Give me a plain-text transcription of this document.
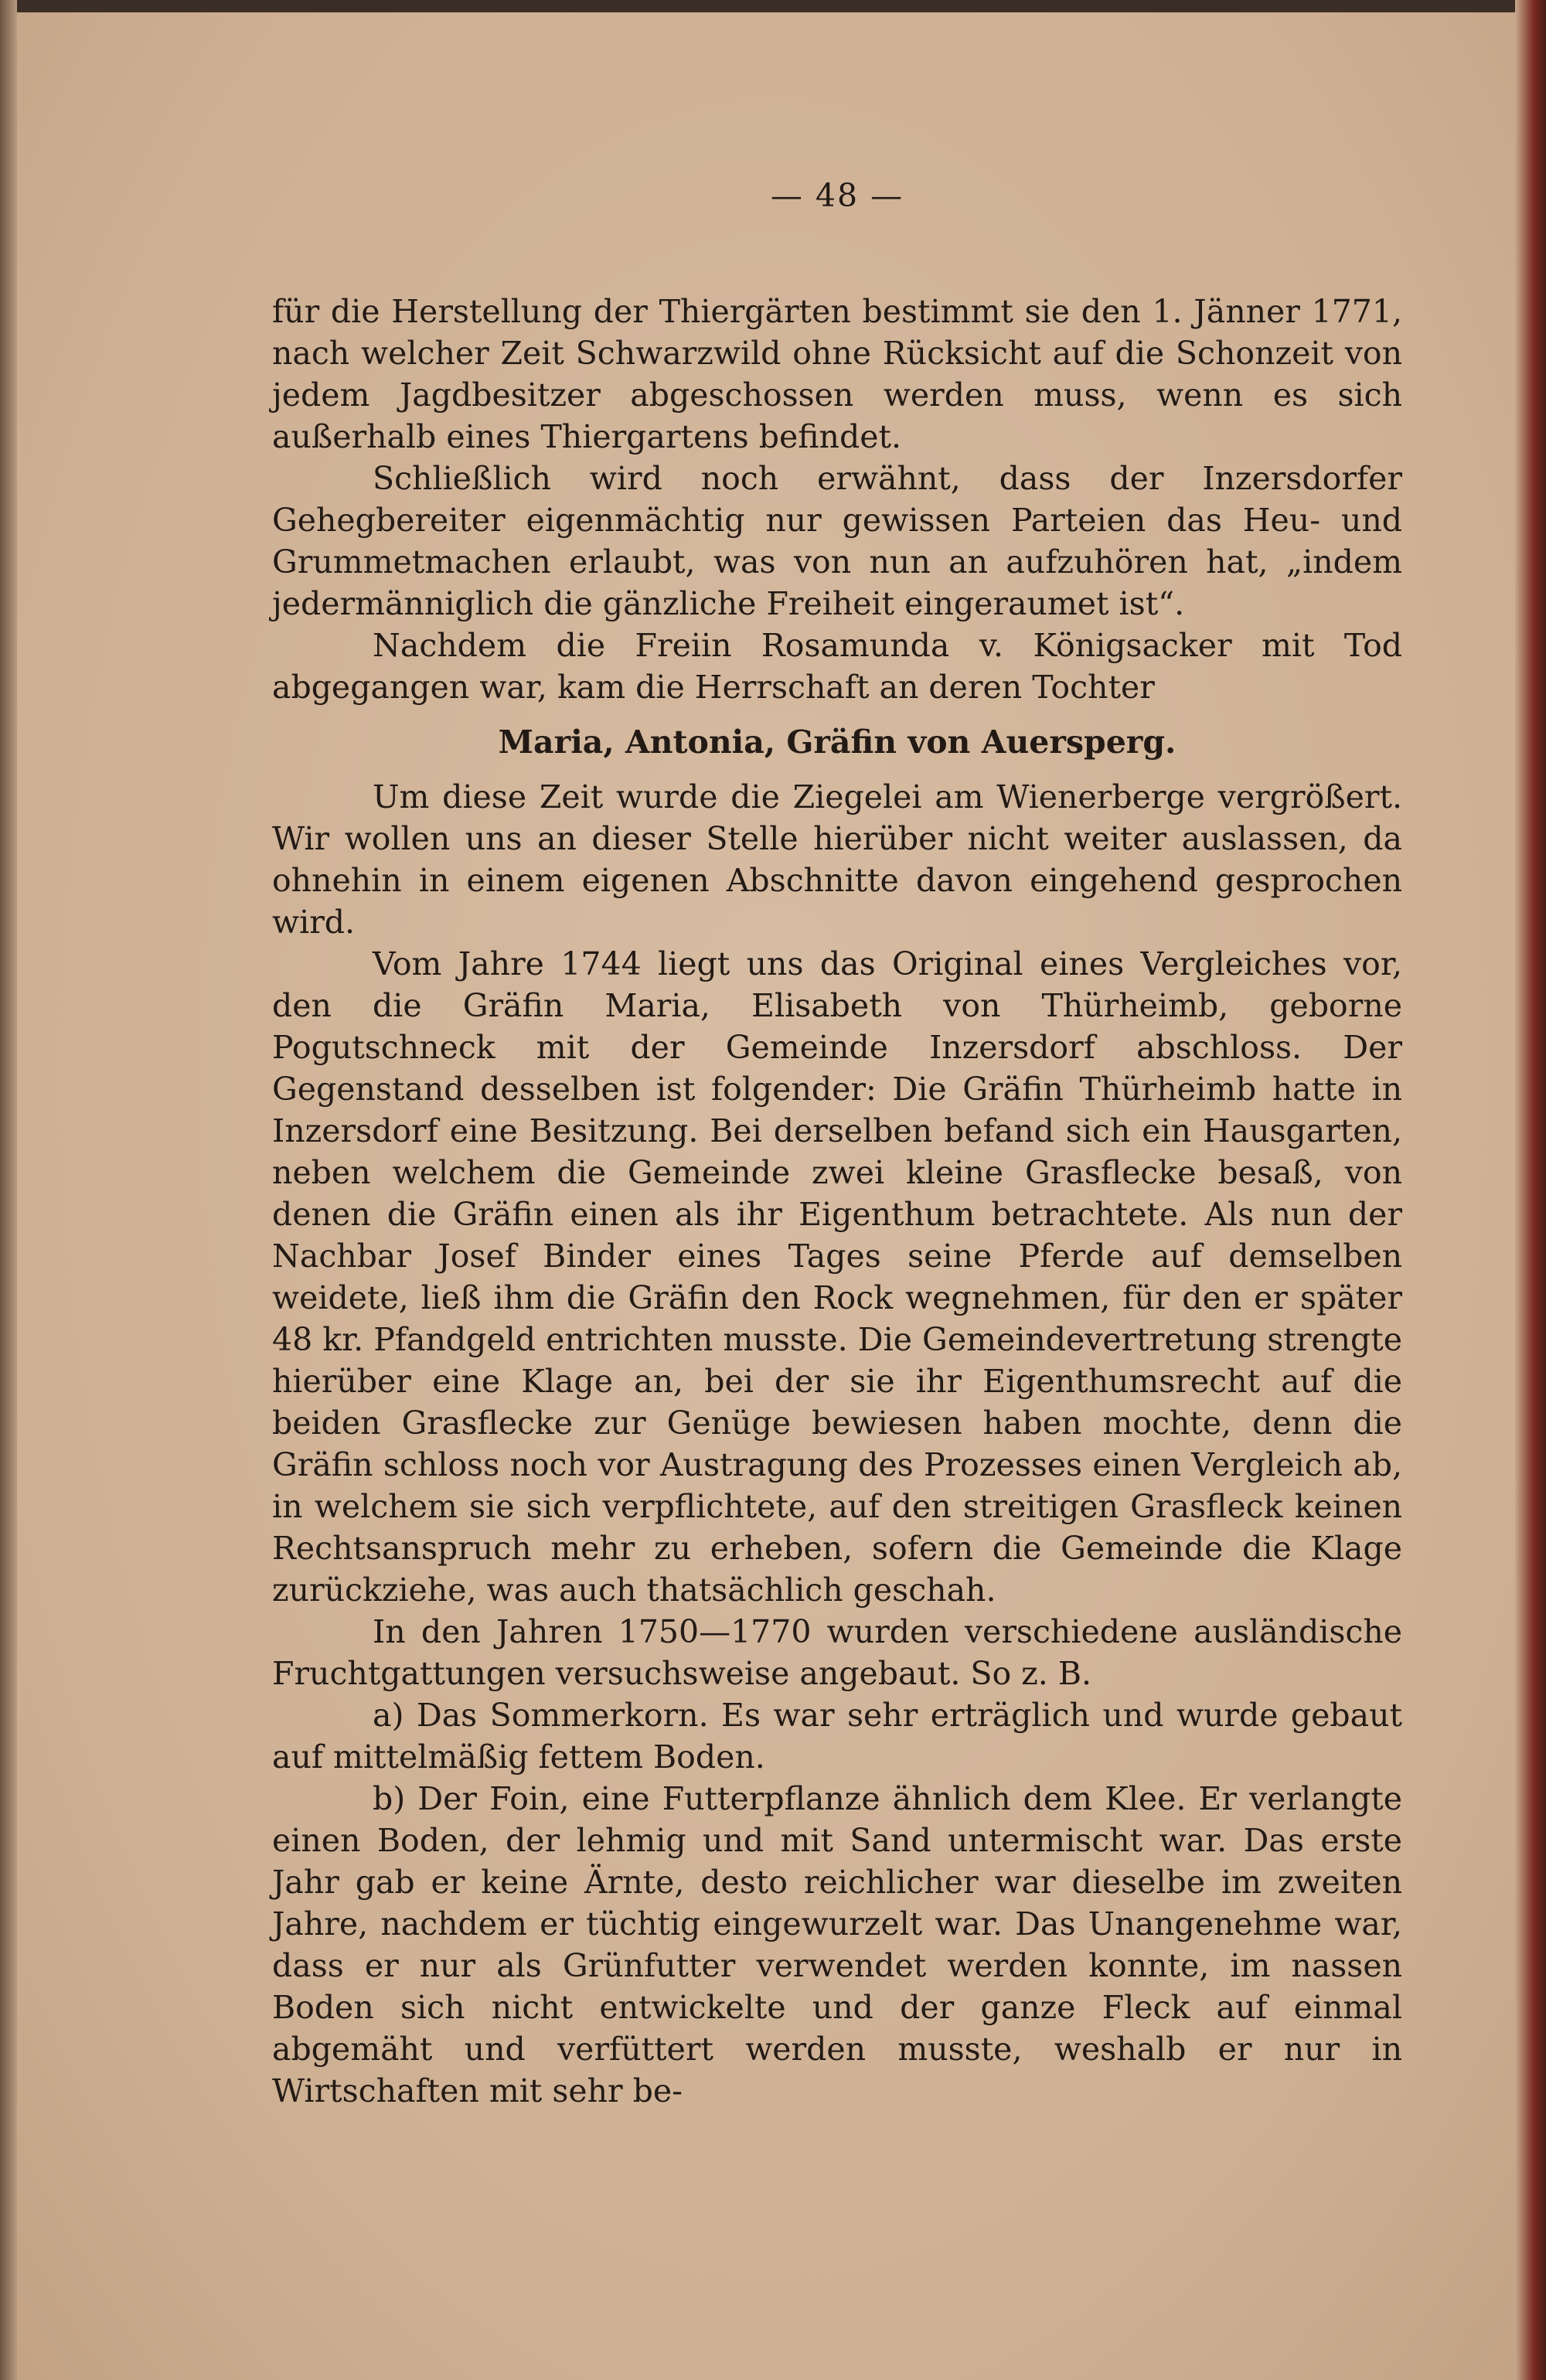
— 48 —

für die Herstellung der Thiergärten bestimmt sie den 1. Jänner 1771, nach welcher Zeit Schwarzwild ohne Rücksicht auf die Schonzeit von jedem Jagdbesitzer abgeschossen werden muss, wenn es sich außerhalb eines Thiergartens befindet.

Schließlich wird noch erwähnt, dass der Inzersdorfer Gehegbereiter eigenmächtig nur gewissen Parteien das Heu- und Grummetmachen erlaubt, was von nun an aufzuhören hat, „indem jedermänniglich die gänzliche Freiheit eingeraumet ist“.

Nachdem die Freiin Rosamunda v. Königsacker mit Tod abgegangen war, kam die Herrschaft an deren Tochter

Maria, Antonia, Gräfin von Auersperg.

Um diese Zeit wurde die Ziegelei am Wienerberge vergrößert. Wir wollen uns an dieser Stelle hierüber nicht weiter auslassen, da ohnehin in einem eigenen Abschnitte davon eingehend gesprochen wird.

Vom Jahre 1744 liegt uns das Original eines Vergleiches vor, den die Gräfin Maria, Elisabeth von Thürheimb, geborne Pogutschneck mit der Gemeinde Inzersdorf abschloss. Der Gegenstand desselben ist folgender: Die Gräfin Thürheimb hatte in Inzersdorf eine Besitzung. Bei derselben befand sich ein Hausgarten, neben welchem die Gemeinde zwei kleine Grasflecke besaß, von denen die Gräfin einen als ihr Eigenthum betrachtete. Als nun der Nachbar Josef Binder eines Tages seine Pferde auf demselben weidete, ließ ihm die Gräfin den Rock wegnehmen, für den er später 48 kr. Pfandgeld entrichten musste. Die Gemeindevertretung strengte hierüber eine Klage an, bei der sie ihr Eigenthumsrecht auf die beiden Grasflecke zur Genüge bewiesen haben mochte, denn die Gräfin schloss noch vor Austragung des Prozesses einen Vergleich ab, in welchem sie sich verpflichtete, auf den streitigen Grasfleck keinen Rechtsanspruch mehr zu erheben, sofern die Gemeinde die Klage zurückziehe, was auch thatsächlich geschah.

In den Jahren 1750—1770 wurden verschiedene ausländische Fruchtgattungen versuchsweise angebaut. So z. B.

a) Das Sommerkorn. Es war sehr erträglich und wurde gebaut auf mittelmäßig fettem Boden.

b) Der Foin, eine Futterpflanze ähnlich dem Klee. Er verlangte einen Boden, der lehmig und mit Sand untermischt war. Das erste Jahr gab er keine Ärnte, desto reichlicher war dieselbe im zweiten Jahre, nachdem er tüchtig eingewurzelt war. Das Unangenehme war, dass er nur als Grünfutter verwendet werden konnte, im nassen Boden sich nicht entwickelte und der ganze Fleck auf einmal abgemäht und verfüttert werden musste, weshalb er nur in Wirtschaften mit sehr be-
